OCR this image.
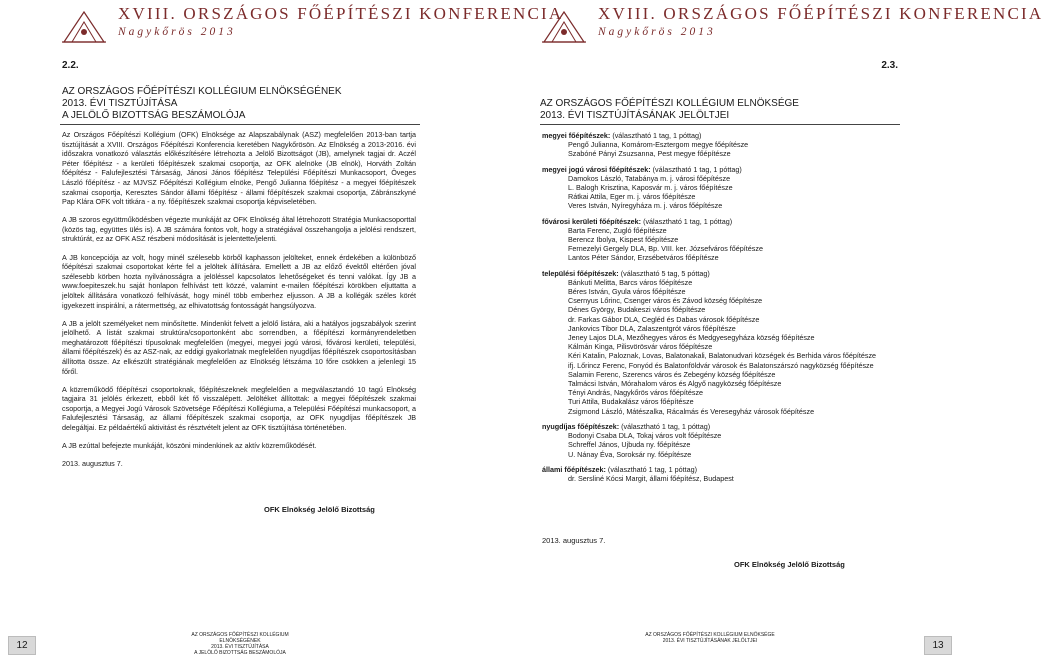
XVIII. ORSZÁGOS FŐÉPÍTÉSZI KONFERENCIA
Nagykőrös 2013
2.2.
AZ ORSZÁGOS FŐÉPÍTÉSZI KOLLÉGIUM ELNÖKSÉGÉNEK
2013. ÉVI TISZTÚJÍTÁSA
A JELÖLŐ BIZOTTSÁG BESZÁMOLÓJA

Az Országos Főépítészi Kollégium (OFK) Elnöksége az Alapszabálynak (ASZ) megfelelően 2013-ban tartja tisztújítását a XVIII. Országos Főépítészi Konferencia keretében Nagykőrösön. Az Elnökség a 2013-2016. évi időszakra vonatkozó választás előkészítésére létrehozta a Jelölő Bizottságot (JB), amelynek tagjai dr. Aczél Péter főépítész - a kerületi főépítészek szakmai csoportja, az OFK alelnöke (JB elnök), Horváth Zoltán főépítész - Falufejlesztési Társaság, Jánosi János főépítész Települési Főépítészi Munkacsoport, Öveges László főépítész - az MJVSZ Főépítészi Kollégium elnöke, Pengő Julianna főépítész - a megyei főépítészek szakmai csoportja, Keresztes Sándor állami főépítész - állami főépítészek szakmai csoportja, Zábránszkyné Pap Klára OFK volt titkára - a ny. főépítészek szakmai csoportja képviseletében.

A JB szoros együttműködésben végezte munkáját az OFK Elnökség által létrehozott Stratégia Munkacsoporttal (közös tag, együttes ülés is). A JB számára fontos volt, hogy a stratégiával összehangolja a jelölési rendszert, struktúrát, ez az OFK ASZ részbeni módosítását is jelentette/jelenti.

A JB koncepciója az volt, hogy minél szélesebb körből kaphasson jelölteket, ennek érdekében a különböző főépítészi szakmai csoportokat kérte fel a jelöltek állítására. Emellett a JB az előző évektől eltérően jóval szélesebb körben hozta nyilvánosságra a jelöléssel kapcsolatos lehetőségeket és tenni valókat. Így JB a www.foepiteszek.hu saját honlapon felhívást tett közzé, valamint e-mailen főépítészi körökben eljuttatta a jelöltek állítására vonatkozó felhívását, hogy minél több emberhez eljusson. A JB a kollégák széles körét igyekezett inspirálni, a rátermettség, az elhivatottság fontosságát hangsúlyozva.

A JB a jelölt személyeket nem minősítette. Mindenkit felvett a jelölő listára, aki a hatályos jogszabályok szerint jelölhető. A listát szakmai struktúra/csoportonként abc sorrendben, a főépítészi kormányrendeletben meghatározott főépítészi típusoknak megfelelően (megyei, megyei jogú városi, fővárosi kerületi, települési, állami főépítészek) és az ASZ-nak, az eddigi gyakorlatnak megfelelően nyugdíjas főépítészek csoportosításban állította össze. Az elkészült stratégiának megfelelően az Elnökség létszáma 10 főre csökken a jelenlegi 15 főről.

A közreműködő főépítészi csoportoknak, főépítészeknek megfelelően a megválasztandó 10 tagú Elnökség tagjaira 31 jelölés érkezett, ebből két fő visszalépett. Jelöltéket állítottak: a megyei főépítészek szakmai csoportja, a Megyei Jogú Városok Szövetsége Főépítészi Kollégiuma, a Települési Főépítészi munkacsoport, a Falufejlesztési Társaság, az állami főépítészek szakmai csoportja, az OFK nyugdíjas főépítészek JB delegáltjai. Ez példaértékű aktivitást és résztvételt jelent az OFK tisztújítása történetében.

A JB ezúttal befejezte munkáját, köszöni mindenkinek az aktív közreműködését.

2013. augusztus 7.

OFK Elnökség Jelölő Bizottság
12
AZ ORSZÁGOS FŐÉPÍTÉSZI KOLLÉGIUM ELNÖKSÉGÉNEK
2013. ÉVI TISZTÚJÍTÁSA
A JELÖLŐ BIZOTTSÁG BESZÁMOLÓJA
XVIII. ORSZÁGOS FŐÉPÍTÉSZI KONFERENCIA
Nagykőrös 2013
2.3.
AZ ORSZÁGOS FŐÉPÍTÉSZI KOLLÉGIUM ELNÖKSÉGE
2013. ÉVI TISZTÚJÍTÁSÁNAK JELÖLTJEI
megyei főépítészek: (választható 1 tag, 1 póttag)
Pengő Julianna, Komárom-Esztergom megye főépítésze
Szabóné Pányi Zsuzsanna, Pest megye főépítésze
megyei jogú városi főépítészek: (választható 1 tag, 1 póttag)
Damokos László, Tatabánya m. j. városi főépítésze
L. Balogh Krisztina, Kaposvár m. j. város főépítésze
Rátkai Attila, Eger m. j. város főépítésze
Veres István, Nyíregyháza m. j. város főépítésze
fővárosi kerületi főépítészek: (választható 1 tag, 1 póttag)
Barta Ferenc, Zugló főépítésze
Berencz Ibolya, Kispest főépítésze
Fernezelyi Gergely DLA, Bp. VIII. ker. Józsefváros főépítésze
Lantos Péter Sándor, Erzsébetváros főépítésze
települési főépítészek: (választható 5 tag, 5 póttag)
Bánkuti Melitta, Barcs város főépítésze
Béres István, Gyula város főépítésze
Csernyus Lőrinc, Csenger város és Závod község főépítésze
Dénes György, Budakeszi város főépítésze
dr. Farkas Gábor DLA, Cegléd és Dabas városok főépítésze
Jankovics Tibor DLA, Zalaszentgrót város főépítésze
Jeney Lajos DLA, Mezőhegyes város és Medgyesegyháza község főépítésze
Kálmán Kinga, Pilisvörösvár város főépítésze
Kéri Katalin, Paloznak, Lovas, Balatonakali, Balatonudvari községek és Berhida város főépítésze
ifj. Lőrincz Ferenc, Fonyód és Balatonföldvár városok és Balatonszárszó nagyközség főépítésze
Salamin Ferenc, Szerencs város és Zebegény község főépítésze
Talmácsi István, Mórahalom város és Algyő nagyközség főépítésze
Tényi András, Nagykőrös város főépítésze
Turi Attila, Budakalász város főépítésze
Zsigmond László, Mátészalka, Rácalmás és Veresegyház városok főépítésze
nyugdíjas főépítészek: (választható 1 tag, 1 póttag)
Bodonyi Csaba DLA, Tokaj város volt főépítésze
Schreffel János, Ujbuda ny. főépítésze
U. Nánay Éva, Soroksár ny. főépítésze
állami főépítészek: (választható 1 tag, 1 póttag)
dr. Sersliné Kócsi Margit, állami főépítész, Budapest
2013. augusztus 7.
OFK Elnökség Jelölő Bizottság
13
AZ ORSZÁGOS FŐÉPÍTÉSZI KOLLÉGIUM ELNÖKSÉGE
2013. ÉVI TISZTÚJÍTÁSÁNAK JELÖLTJEI
